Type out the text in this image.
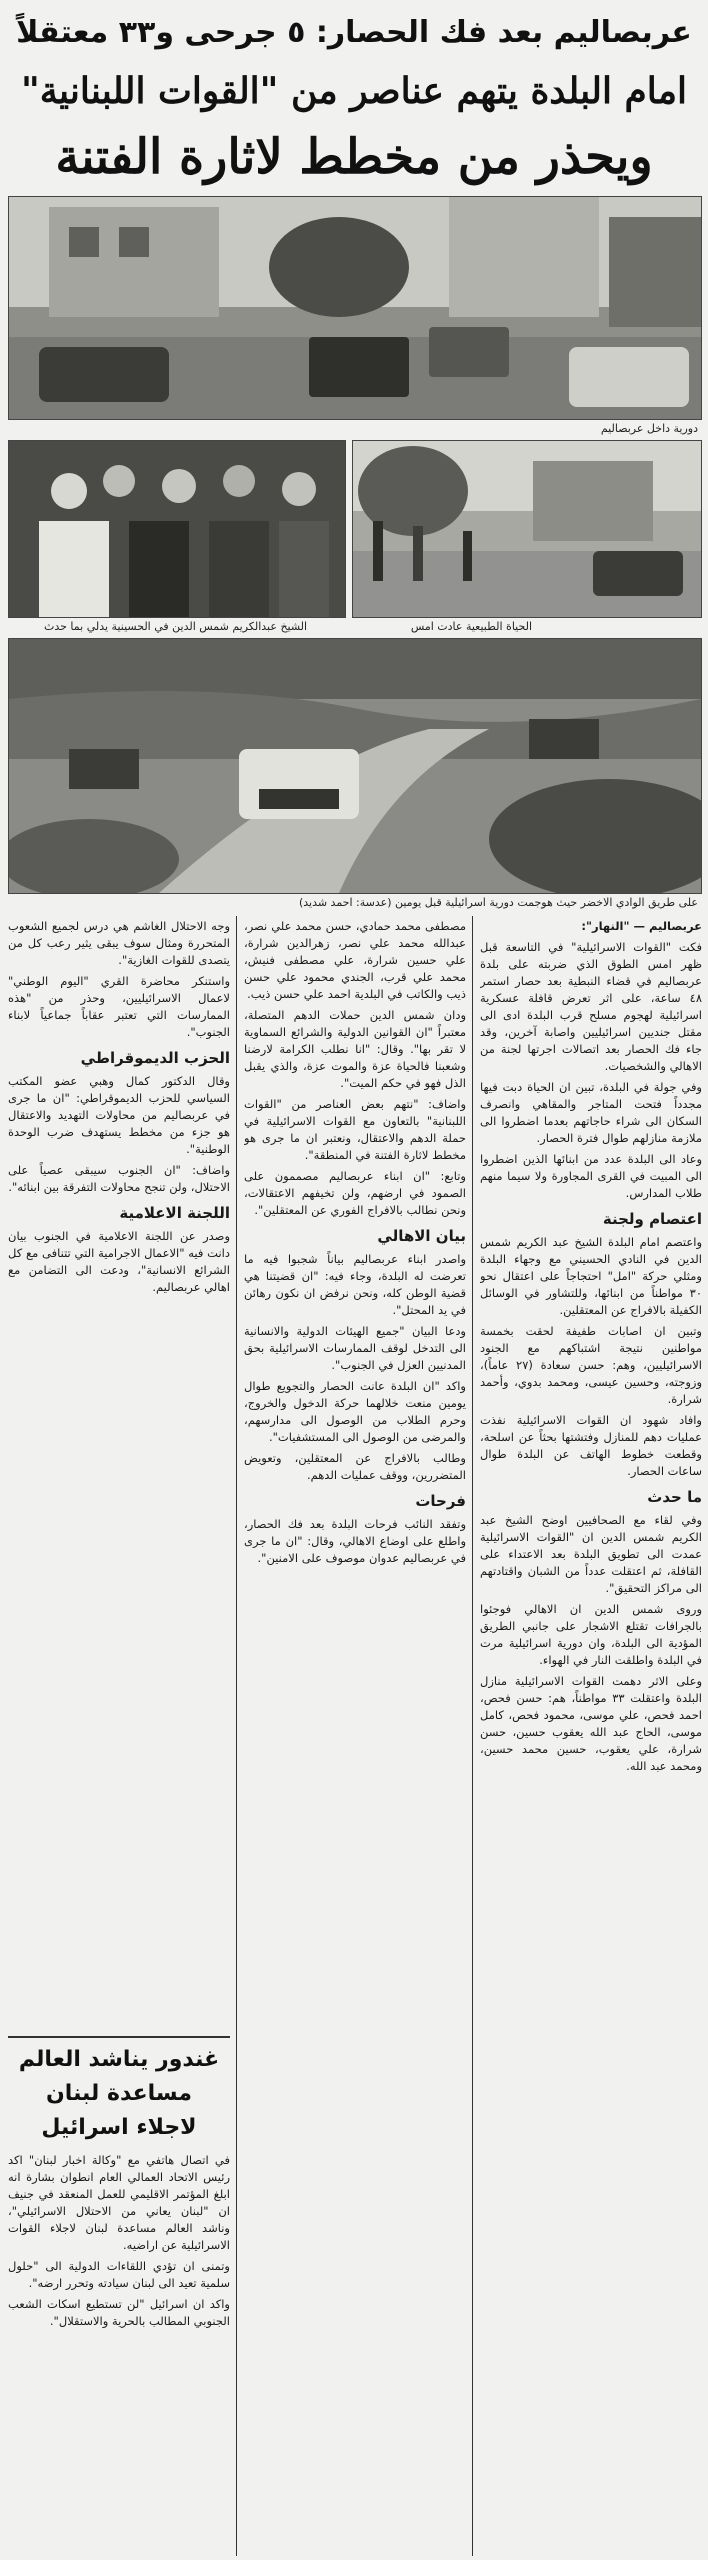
عربصاليم بعد فك الحصار: ٥ جرحى و٣٣ معتقلاً
امام البلدة يتهم عناصر من "القوات اللبنانية"
ويحذر من مخطط لاثارة الفتنة
دورية داخل عربصاليم
الشيخ عبدالكريم شمس الدين في الحسينية يدلي بما حدث	الحياة الطبيعية عادت امس
على طريق الوادي الاخضر حيث هوجمت دورية اسرائيلية قبل يومين (عدسة: احمد شديد)

عربصاليم — "النهار":

فكت "القوات الاسرائيلية" في التاسعة قبل ظهر امس الطوق الذي ضربته على بلدة عربصاليم في قضاء النبطية بعد حصار استمر ٤٨ ساعة، على اثر تعرض قافلة عسكرية اسرائيلية لهجوم مسلح قرب البلدة ادى الى مقتل جنديين اسرائيليين واصابة آخرين، وقد جاء فك الحصار بعد اتصالات اجرتها لجنة من الاهالي والشخصيات.

وفي جولة في البلدة، تبين ان الحياة دبت فيها مجدداً فتحت المتاجر والمقاهي وانصرف السكان الى شراء حاجاتهم بعدما اضطروا الى ملازمة منازلهم طوال فترة الحصار.

وعاد الى البلدة عدد من ابنائها الذين اضطروا الى المبيت في القرى المجاورة ولا سيما منهم طلاب المدارس.

اعتصام ولجنة

واعتصم امام البلدة الشيخ عبد الكريم شمس الدين في النادي الحسيني مع وجهاء البلدة ومثلي حركة "امل" احتجاجاً على اعتقال نحو ٣٠ مواطناً من ابنائها، وللتشاور في الوسائل الكفيلة بالافراج عن المعتقلين.

وتبين ان اصابات طفيفة لحقت بخمسة مواطنين نتيجة اشتباكهم مع الجنود الاسرائيليين، وهم: حسن سعادة (٢٧ عاماً)، وزوجته، وحسين عيسى، ومحمد بدوي، وأحمد شرارة.

وافاد شهود ان القوات الاسرائيلية نفذت عمليات دهم للمنازل وفتشتها بحثاً عن اسلحة، وقطعت خطوط الهاتف عن البلدة طوال ساعات الحصار.

ما حدث

وفي لقاء مع الصحافيين اوضح الشيخ عبد الكريم شمس الدين ان "القوات الاسرائيلية عمدت الى تطويق البلدة بعد الاعتداء على القافلة، ثم اعتقلت عدداً من الشبان واقتادتهم الى مراكز التحقيق".

وروى شمس الدين ان الاهالي فوجئوا بالجرافات تقتلع الاشجار على جانبي الطريق المؤدية الى البلدة، وان دورية اسرائيلية مرت في البلدة واطلقت النار في الهواء.

وعلى الاثر دهمت القوات الاسرائيلية منازل البلدة واعتقلت ٣٣ مواطناً، هم: حسن فحص، احمد فحص، علي موسى، محمود فحص، كامل موسى، الحاج عبد الله يعقوب حسين، حسن شرارة، علي يعقوب، حسين محمد حسين، ومحمد عبد الله.

مصطفى محمد حمادي، حسن محمد علي نصر، عبدالله محمد علي نصر، زهرالدين شرارة، علي حسين شرارة، علي مصطفى فنيش، محمد علي قرب، الجندي محمود علي حسن ذيب والكاتب في البلدية احمد علي حسن ذيب.

ودان شمس الدين حملات الدهم المتصلة، معتبراً "ان القوانين الدولية والشرائع السماوية لا تقر بها". وقال: "انا نطلب الكرامة لارضنا وشعبنا فالحياة عزة والموت عزة، والذي يقبل الذل فهو في حكم الميت".

واضاف: "نتهم بعض العناصر من "القوات اللبنانية" بالتعاون مع القوات الاسرائيلية في حملة الدهم والاعتقال، ونعتبر ان ما جرى هو مخطط لاثارة الفتنة في المنطقة".

وتابع: "ان ابناء عربصاليم مصممون على الصمود في ارضهم، ولن تخيفهم الاعتقالات، ونحن نطالب بالافراج الفوري عن المعتقلين".

بيان الاهالي

واصدر ابناء عربصاليم بياناً شجبوا فيه ما تعرضت له البلدة، وجاء فيه: "ان قضيتنا هي قضية الوطن كله، ونحن نرفض ان نكون رهائن في يد المحتل".

ودعا البيان "جميع الهيئات الدولية والانسانية الى التدخل لوقف الممارسات الاسرائيلية بحق المدنيين العزل في الجنوب".

واكد "ان البلدة عانت الحصار والتجويع طوال يومين منعت خلالهما حركة الدخول والخروج، وحرم الطلاب من الوصول الى مدارسهم، والمرضى من الوصول الى المستشفيات".

وطالب بالافراج عن المعتقلين، وتعويض المتضررين، ووقف عمليات الدهم.

فرحات

وتفقد النائب فرحات البلدة بعد فك الحصار، واطلع على اوضاع الاهالي، وقال: "ان ما جرى في عربصاليم عدوان موصوف على الامنين".

وجه الاحتلال الغاشم هي درس لجميع الشعوب المتحررة ومثال سوف يبقى يثير رعب كل من يتصدى للقوات الغازية".

واستنكر محاضرة القري "اليوم الوطني" لاعمال الاسرائيليين، وحذر من "هذه الممارسات التي تعتبر عقاباً جماعياً لابناء الجنوب".

الحزب الديموقراطي

وقال الدكتور كمال وهبي عضو المكتب السياسي للحزب الديموقراطي: "ان ما جرى في عربصاليم من محاولات التهديد والاعتقال هو جزء من مخطط يستهدف ضرب الوحدة الوطنية".

واضاف: "ان الجنوب سيبقى عصياً على الاحتلال، ولن تنجح محاولات التفرقة بين ابنائه".

اللجنة الاعلامية

وصدر عن اللجنة الاعلامية في الجنوب بيان دانت فيه "الاعمال الاجرامية التي تتنافى مع كل الشرائع الانسانية"، ودعت الى التضامن مع اهالي عربصاليم.

غندور يناشد العالم
مساعدة لبنان
لاجلاء اسرائيل

في اتصال هاتفي مع "وكالة اخبار لبنان" اكد رئيس الاتحاد العمالي العام انطوان بشارة انه ابلغ المؤتمر الاقليمي للعمل المنعقد في جنيف ان "لبنان يعاني من الاحتلال الاسرائيلي"، وناشد العالم مساعدة لبنان لاجلاء القوات الاسرائيلية عن اراضيه.

وتمنى ان تؤدي اللقاءات الدولية الى "حلول سلمية تعيد الى لبنان سيادته وتحرر ارضه".

واكد ان اسرائيل "لن تستطيع اسكات الشعب الجنوبي المطالب بالحرية والاستقلال".
